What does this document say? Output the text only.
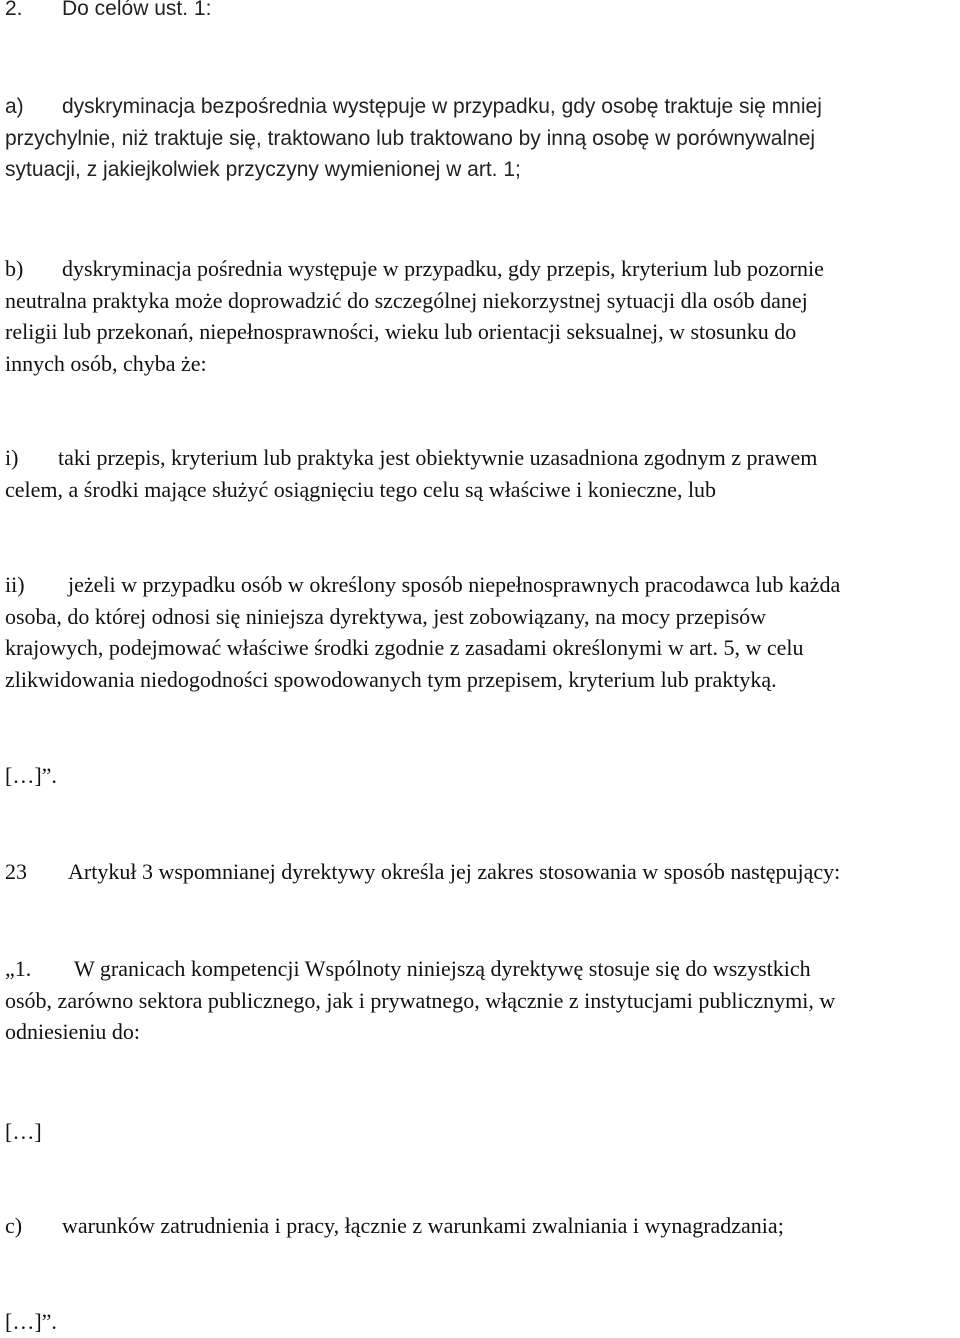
2. Do celów ust. 1:
a) dyskryminacja bezpośrednia występuje w przypadku, gdy osobę traktuje się mniej
przychylnie, niż traktuje się, traktowano lub traktowano by inną osobę w porównywalnej
sytuacji, z jakiejkolwiek przyczyny wymienionej w art. 1;
b) dyskryminacja pośrednia występuje w przypadku, gdy przepis, kryterium lub pozornie
neutralna praktyka może doprowadzić do szczególnej niekorzystnej sytuacji dla osób danej
religii lub przekonań, niepełnosprawności, wieku lub orientacji seksualnej, w stosunku do
innych osób, chyba że:
i) taki przepis, kryterium lub praktyka jest obiektywnie uzasadniona zgodnym z prawem
celem, a środki mające służyć osiągnięciu tego celu są właściwe i konieczne, lub
ii) jeżeli w przypadku osób w określony sposób niepełnosprawnych pracodawca lub każda
osoba, do której odnosi się niniejsza dyrektywa, jest zobowiązany, na mocy przepisów
krajowych, podejmować właściwe środki zgodnie z zasadami określonymi w art. 5, w celu
zlikwidowania niedogodności spowodowanych tym przepisem, kryterium lub praktyką.
[…]”.
23 Artykuł 3 wspomnianej dyrektywy określa jej zakres stosowania w sposób następujący:
„1. W granicach kompetencji Wspólnoty niniejszą dyrektywę stosuje się do wszystkich
osób, zarówno sektora publicznego, jak i prywatnego, włącznie z instytucjami publicznymi, w
odniesieniu do:
[…]
c) warunków zatrudnienia i pracy, łącznie z warunkami zwalniania i wynagradzania;
[…]”.
